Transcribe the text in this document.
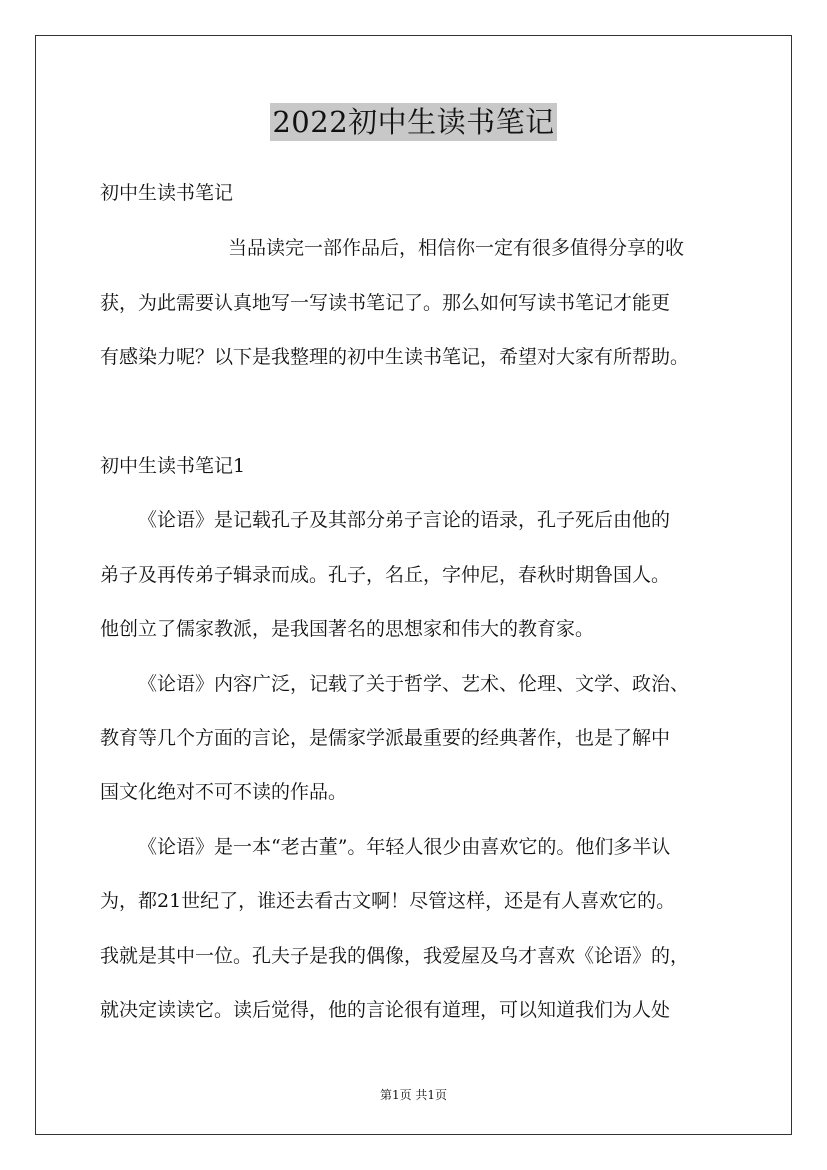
2022初中生读书笔记
初中生读书笔记
当品读完一部作品后，相信你一定有很多值得分享的收
获，为此需要认真地写一写读书笔记了。那么如何写读书笔记才能更
有感染力呢？以下是我整理的初中生读书笔记，希望对大家有所帮助。
初中生读书笔记1
《论语》是记载孔子及其部分弟子言论的语录，孔子死后由他的
弟子及再传弟子辑录而成。孔子，名丘，字仲尼，春秋时期鲁国人。
他创立了儒家教派，是我国著名的思想家和伟大的教育家。
《论语》内容广泛，记载了关于哲学、艺术、伦理、文学、政治、
教育等几个方面的言论，是儒家学派最重要的经典著作，也是了解中
国文化绝对不可不读的作品。
《论语》是一本“老古董”。年轻人很少由喜欢它的。他们多半认
为，都21世纪了，谁还去看古文啊！尽管这样，还是有人喜欢它的。
我就是其中一位。孔夫子是我的偶像，我爱屋及乌才喜欢《论语》的，
就决定读读它。读后觉得，他的言论很有道理，可以知道我们为人处
第1页 共1页
